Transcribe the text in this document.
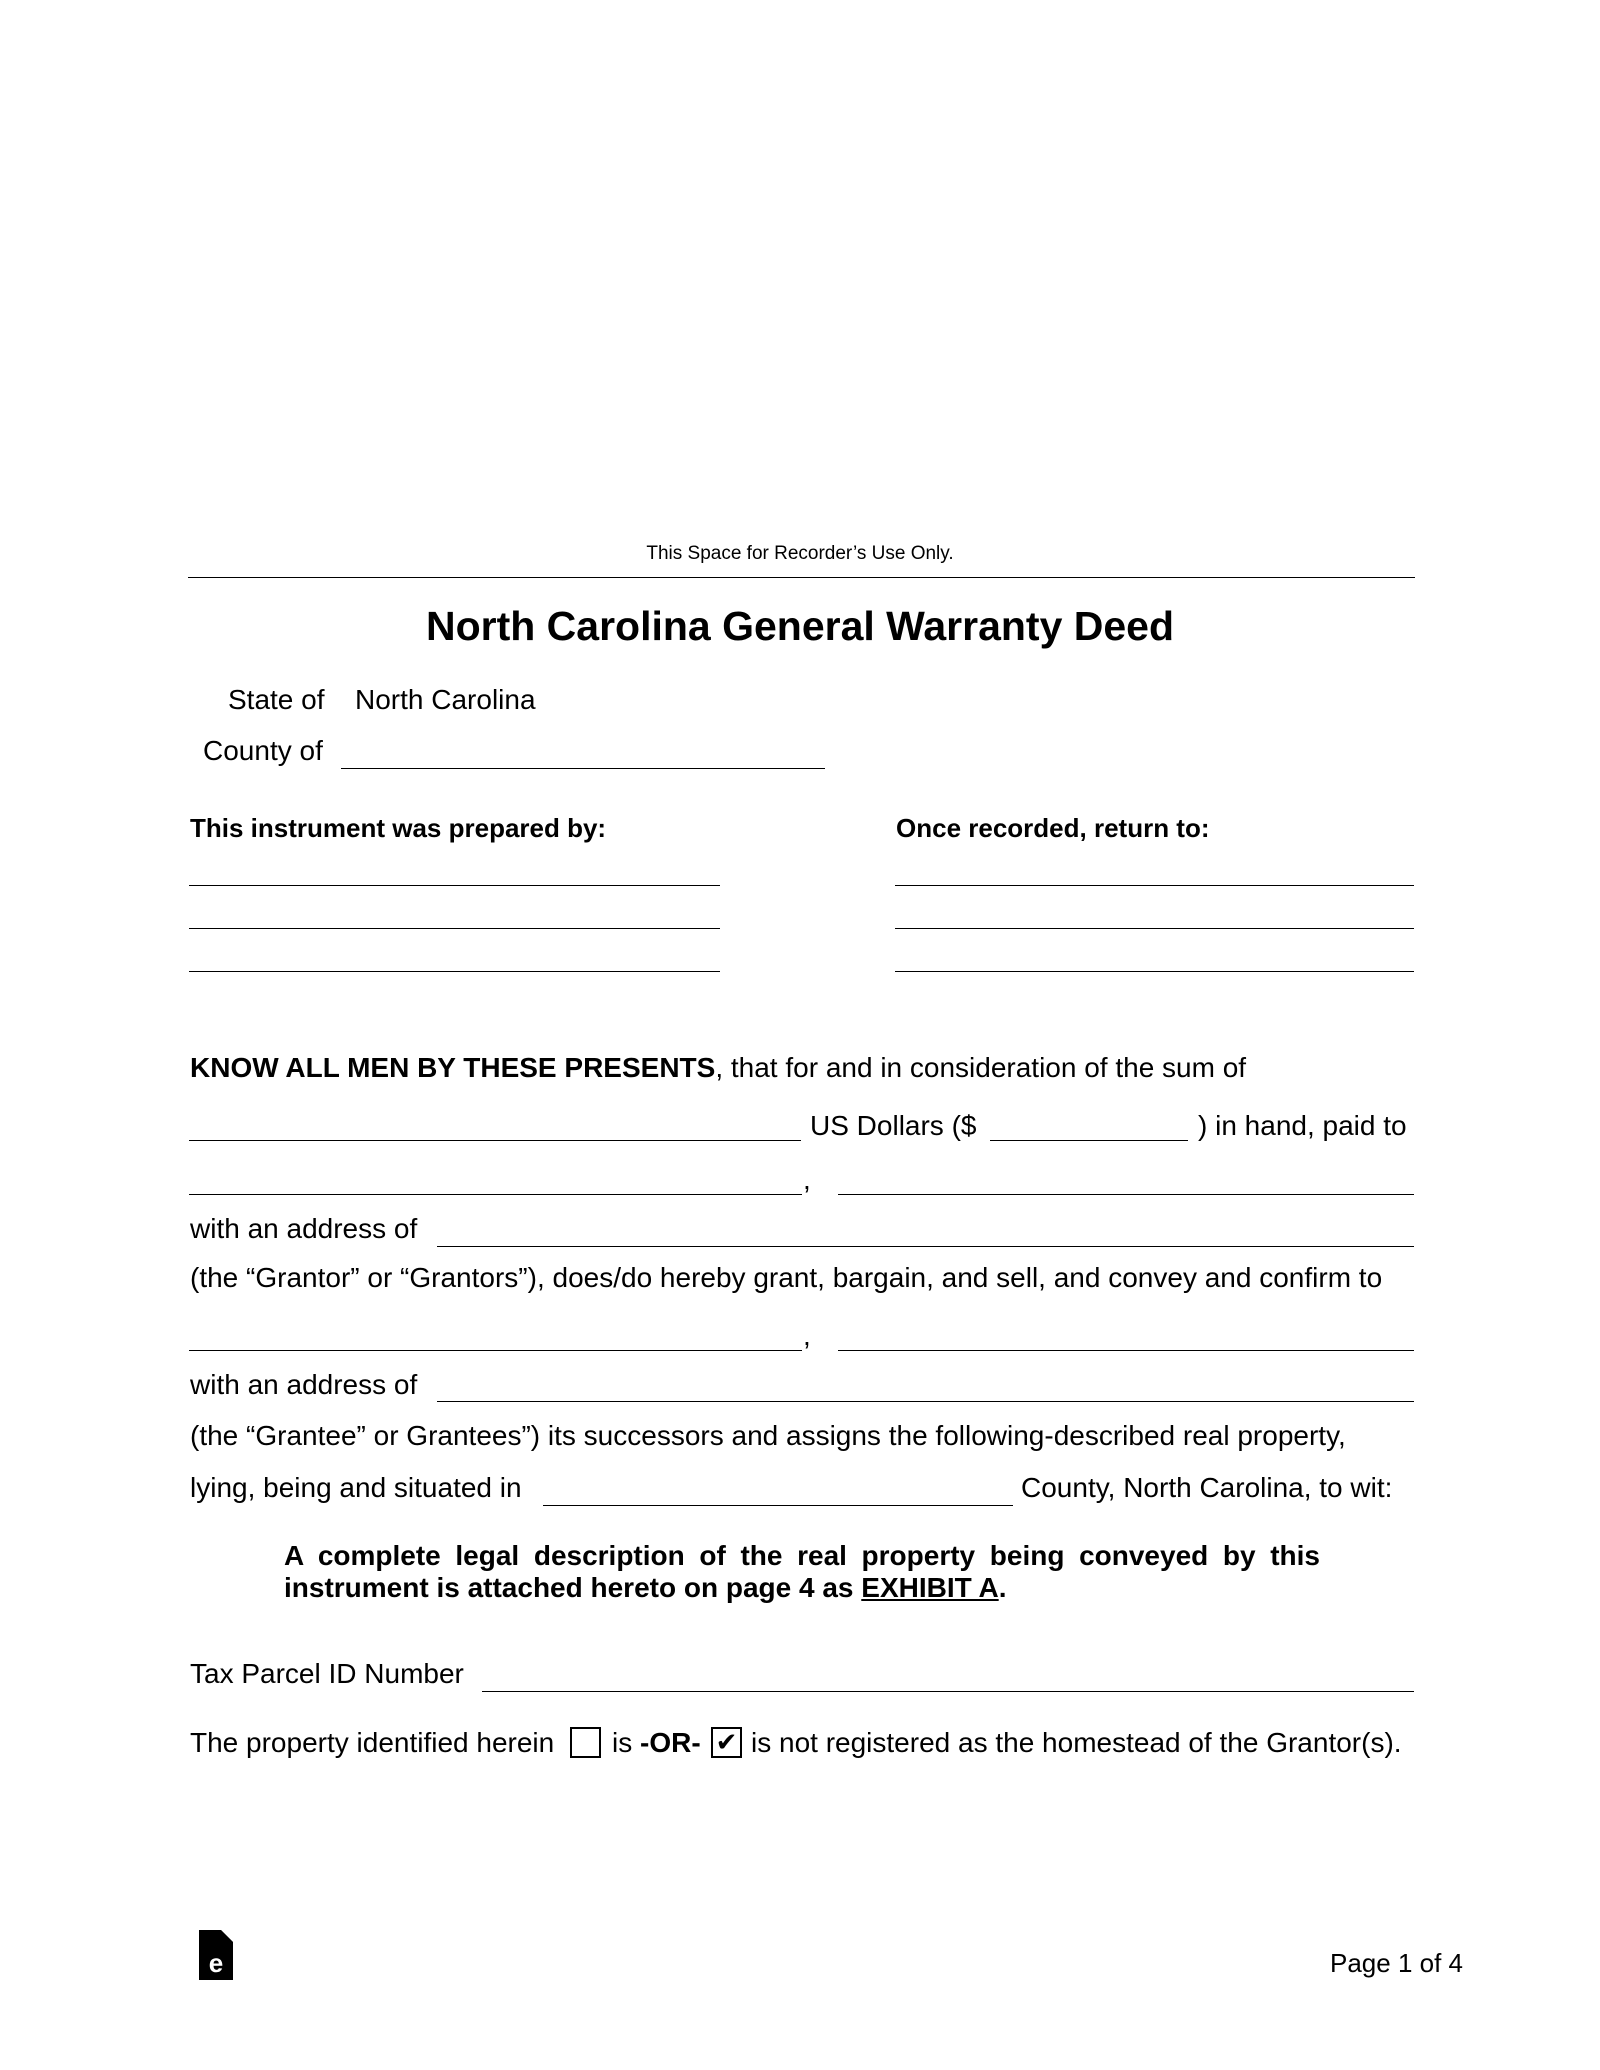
This Space for Recorder’s Use Only.
North Carolina General Warranty Deed
State of North Carolina
County of
This instrument was prepared by:	Once recorded, return to:
KNOW ALL MEN BY THESE PRESENTS, that for and in consideration of the sum of
US Dollars ($	) in hand, paid to
,
with an address of
(the “Grantor” or “Grantors”), does/do hereby grant, bargain, and sell, and convey and confirm to
,
with an address of
(the “Grantee” or Grantees”) its successors and assigns the following-described real property,
lying, being and situated in	County, North Carolina, to wit:
A complete legal description of the real property being conveyed by this instrument is attached hereto on page 4 as EXHIBIT A.
Tax Parcel ID Number
The property identified herein is -OR- ✔ is not registered as the homestead of the Grantor(s).
e	Page 1 of 4
